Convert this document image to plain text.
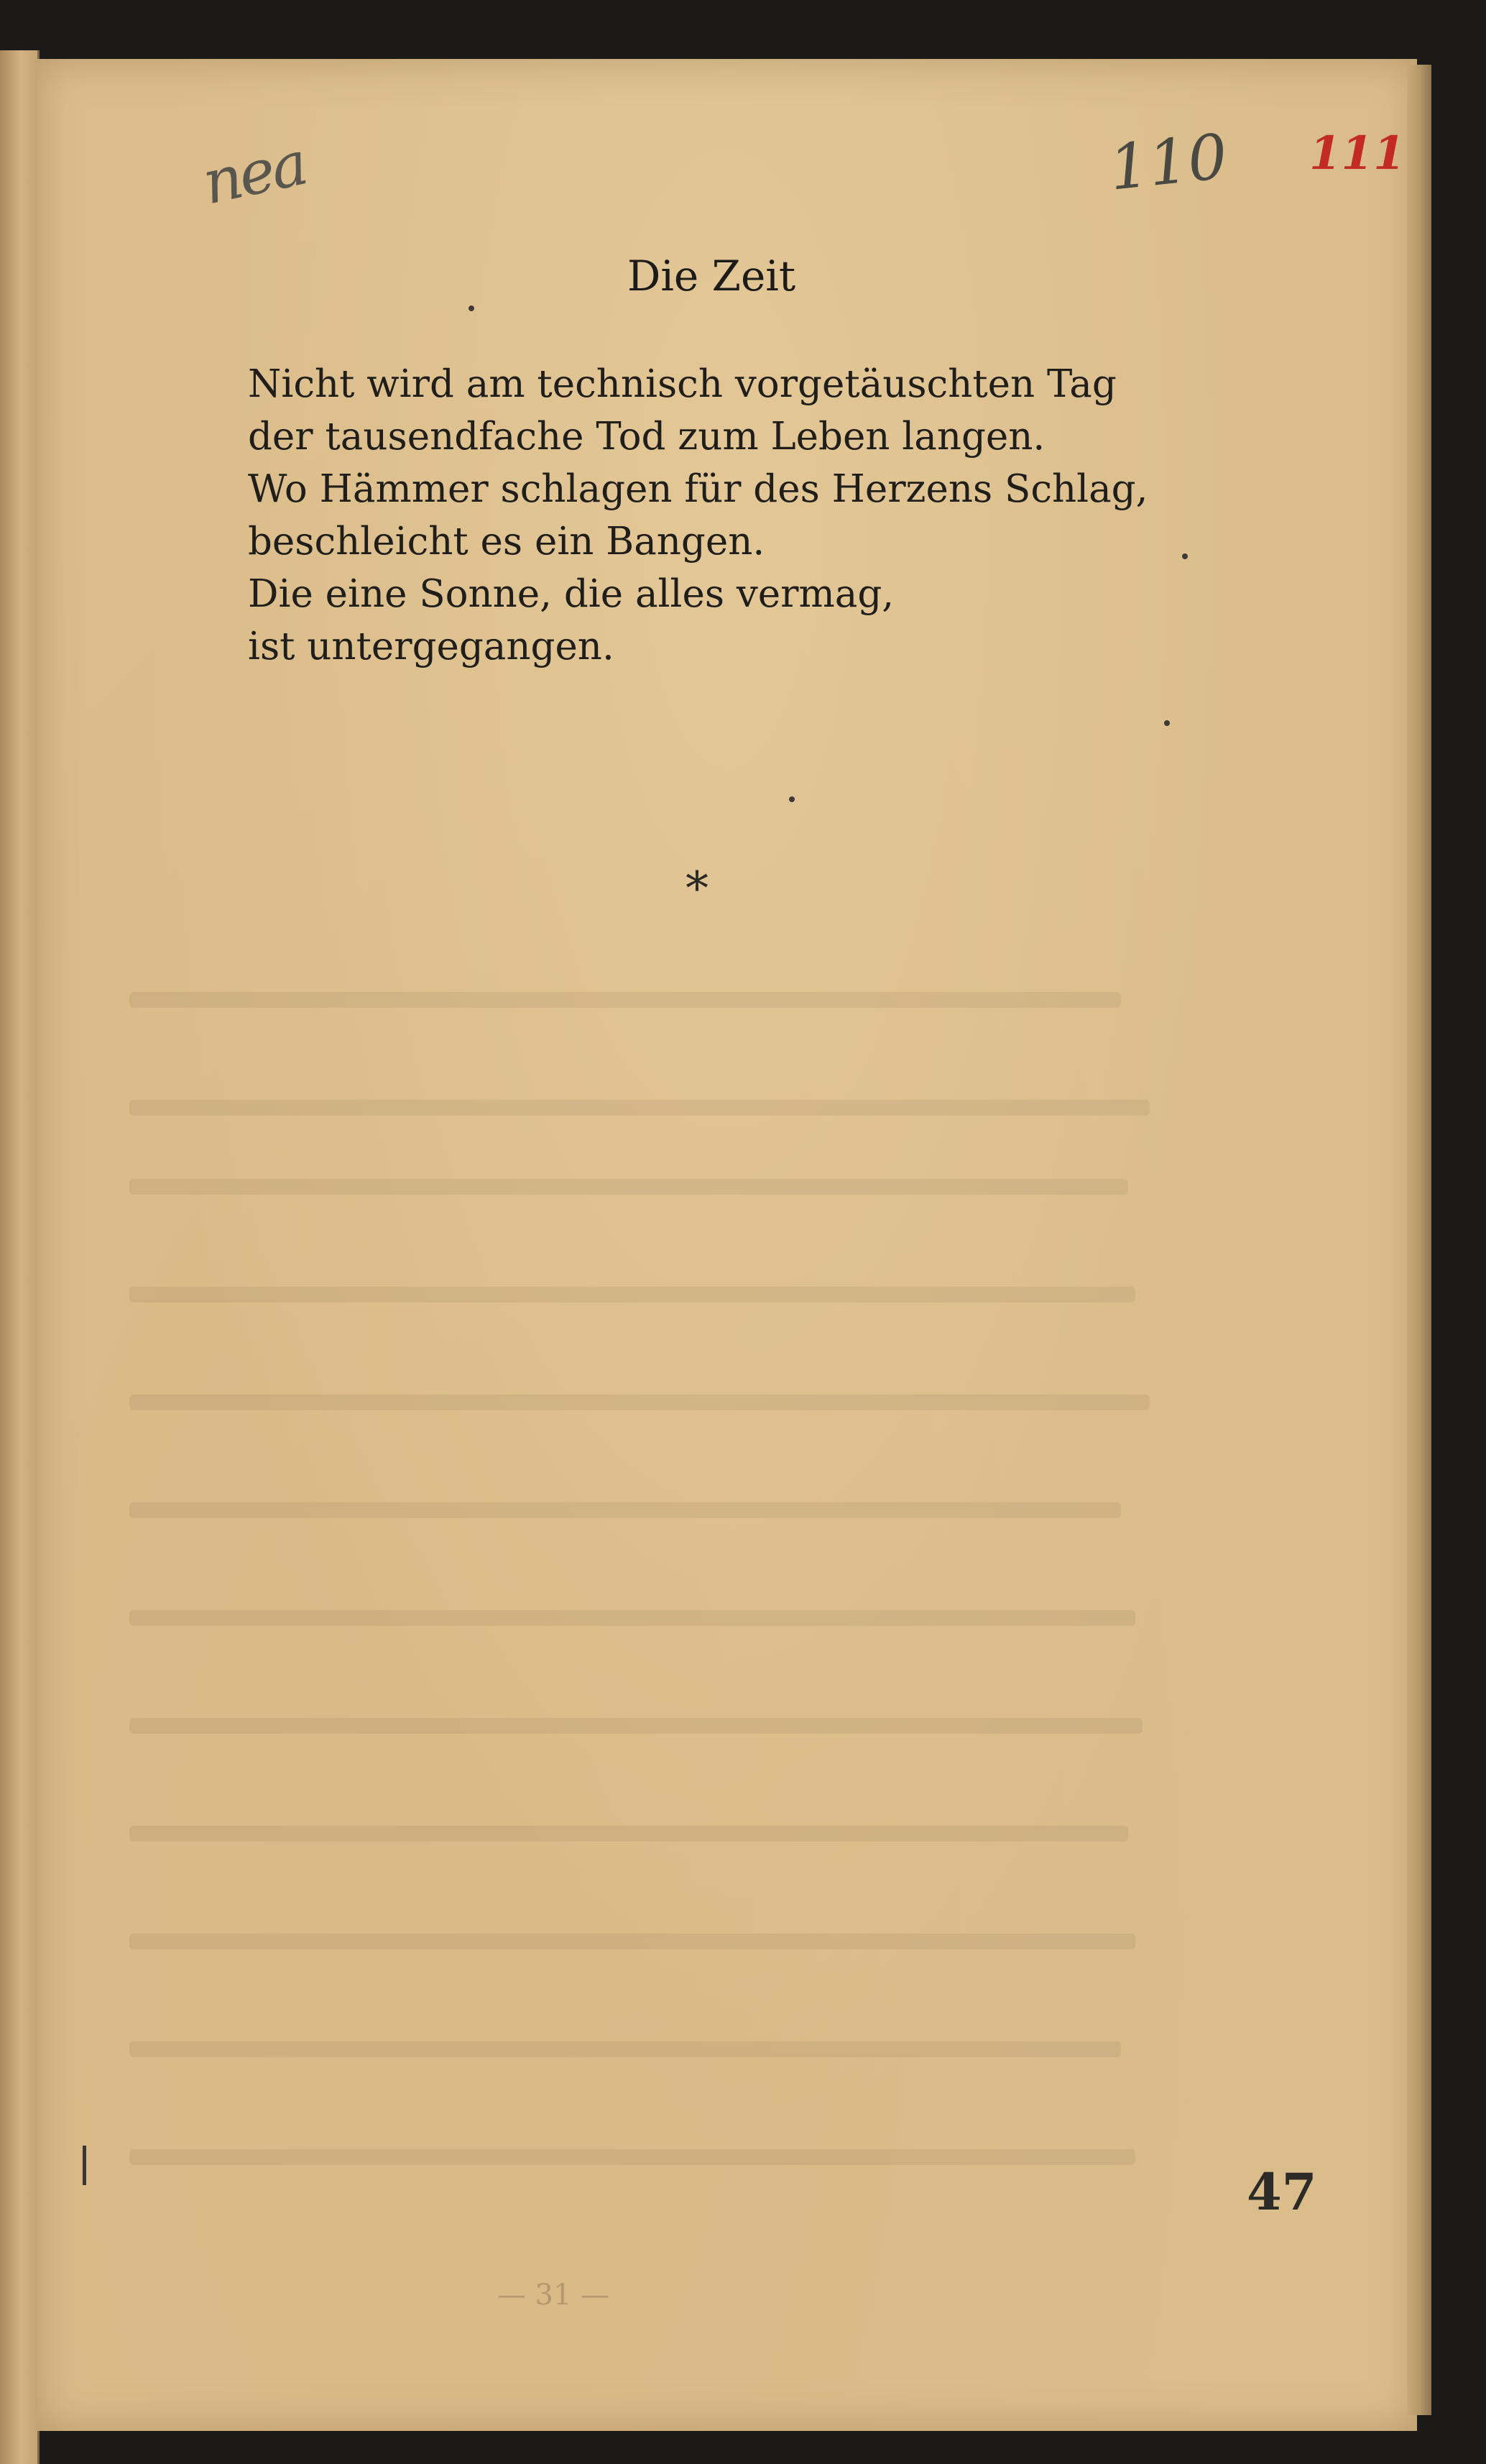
nea	110 111
Die Zeit
Nicht wird am technisch vorgetäuschten Tag
der tausendfache Tod zum Leben langen.
Wo Hämmer schlagen für des Herzens Schlag,
beschleicht es ein Bangen.
Die eine Sonne, die alles vermag,
ist untergegangen.
*
— 31 —
47
